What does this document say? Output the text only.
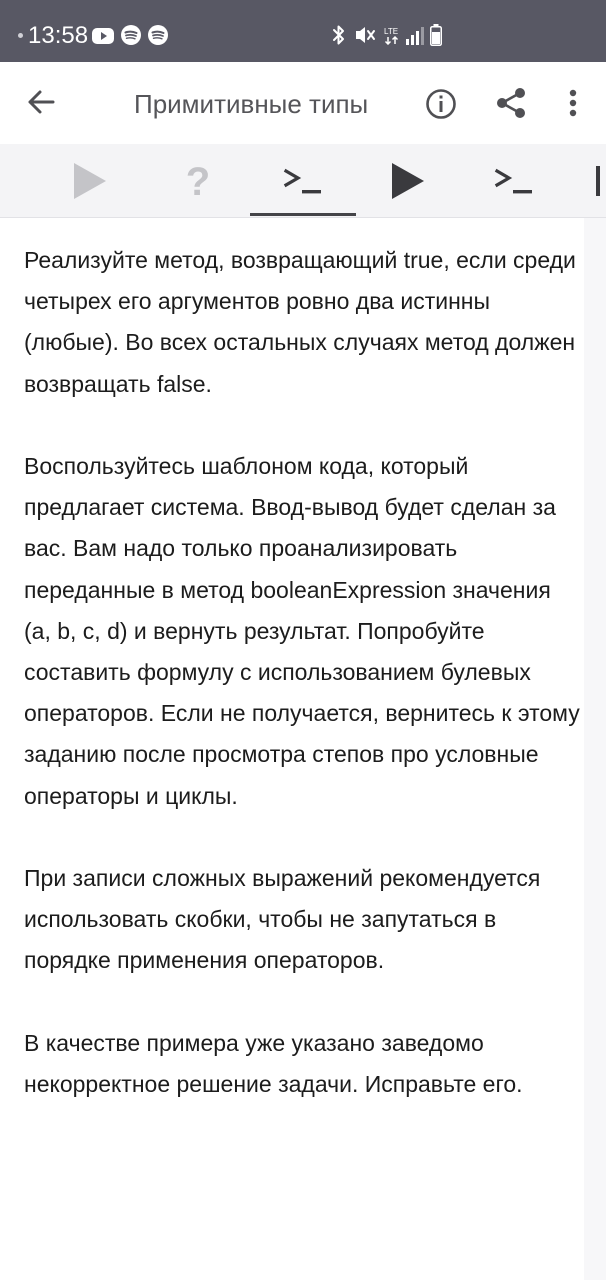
13:58	LTE
Примитивные типы
?

Реализуйте метод, возвращающий true, если среди четырех его аргументов ровно два истинны (любые). Во всех остальных случаях метод должен возвращать false.

Воспользуйтесь шаблоном кода, который предлагает система. Ввод-вывод будет сделан за вас. Вам надо только проанализировать переданные в метод booleanExpression значения (a, b, c, d) и вернуть результат. Попробуйте составить формулу с использованием булевых операторов. Если не получается, вернитесь к этому заданию после просмотра степов про условные операторы и циклы.

При записи сложных выражений рекомендуется использовать скобки, чтобы не запутаться в порядке применения операторов.

В качестве примера уже указано заведомо некорректное решение задачи. Исправьте его.
